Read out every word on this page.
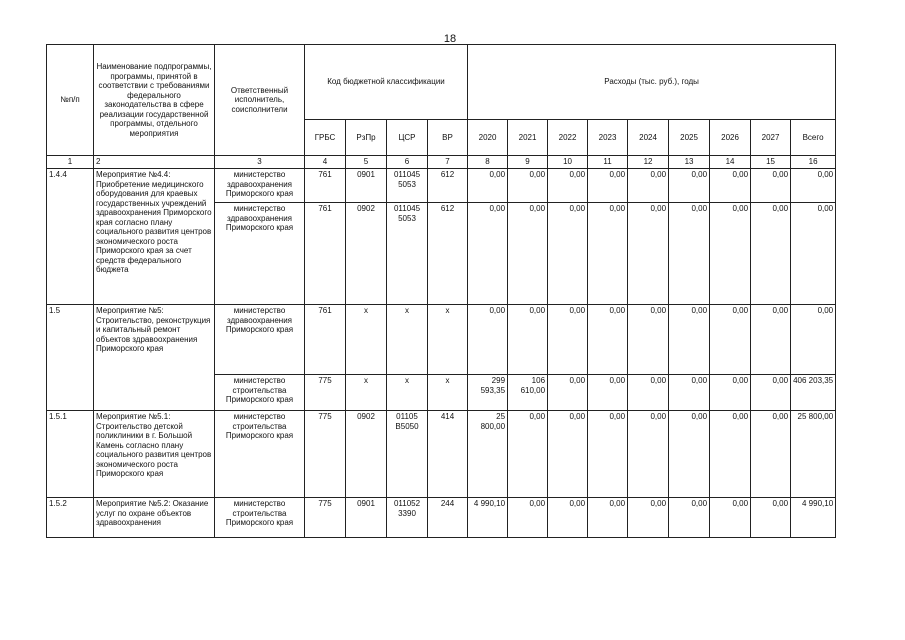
18
№п/п	Наименование подпрограммы, программы, принятой в соответствии с требованиями федерального законодательства в сфере реализации государственной программы, отдельного мероприятия	Ответственный исполнитель, соисполнители	Код бюджетной классификации				Расходы (тыс. руб.), годы								
			ГРБС	РзПр	ЦСР	ВР	2020	2021	2022	2023	2024	2025	2026	2027	Всего
1	2	3	4	5	6	7	8	9	10	11	12	13	14	15	16
1.4.4	Мероприятие №4.4: Приобретение медицинского оборудования для краевых государственных учреждений здравоохранения Приморского края согласно плану социального развития центров экономического роста Приморского края за счет средств федерального бюджета	министерство здравоохранения Приморского края	761	0901	011045 5053	612	0,00	0,00	0,00	0,00	0,00	0,00	0,00	0,00	0,00
		министерство здравоохранения Приморского края	761	0902	011045 5053	612	0,00	0,00	0,00	0,00	0,00	0,00	0,00	0,00	0,00
1.5	Мероприятие №5: Строительство, реконструкция и капитальный ремонт объектов здравоохранения Приморского края	министерство здравоохранения Приморского края	761	x	x	x	0,00	0,00	0,00	0,00	0,00	0,00	0,00	0,00	0,00
		министерство строительства Приморского края	775	x	x	x	299 593,35	106 610,00	0,00	0,00	0,00	0,00	0,00	0,00	406 203,35
1.5.1	Мероприятие №5.1: Строительство детской поликлиники в г. Большой Камень согласно плану социального развития центров экономического роста Приморского края	министерство строительства Приморского края	775	0902	01105 В5050	414	25 800,00	0,00	0,00	0,00	0,00	0,00	0,00	0,00	25 800,00
1.5.2	Мероприятие №5.2: Оказание услуг по охране объектов здравоохранения	министерство строительства Приморского края	775	0901	011052 3390	244	4 990,10	0,00	0,00	0,00	0,00	0,00	0,00	0,00	4 990,10
